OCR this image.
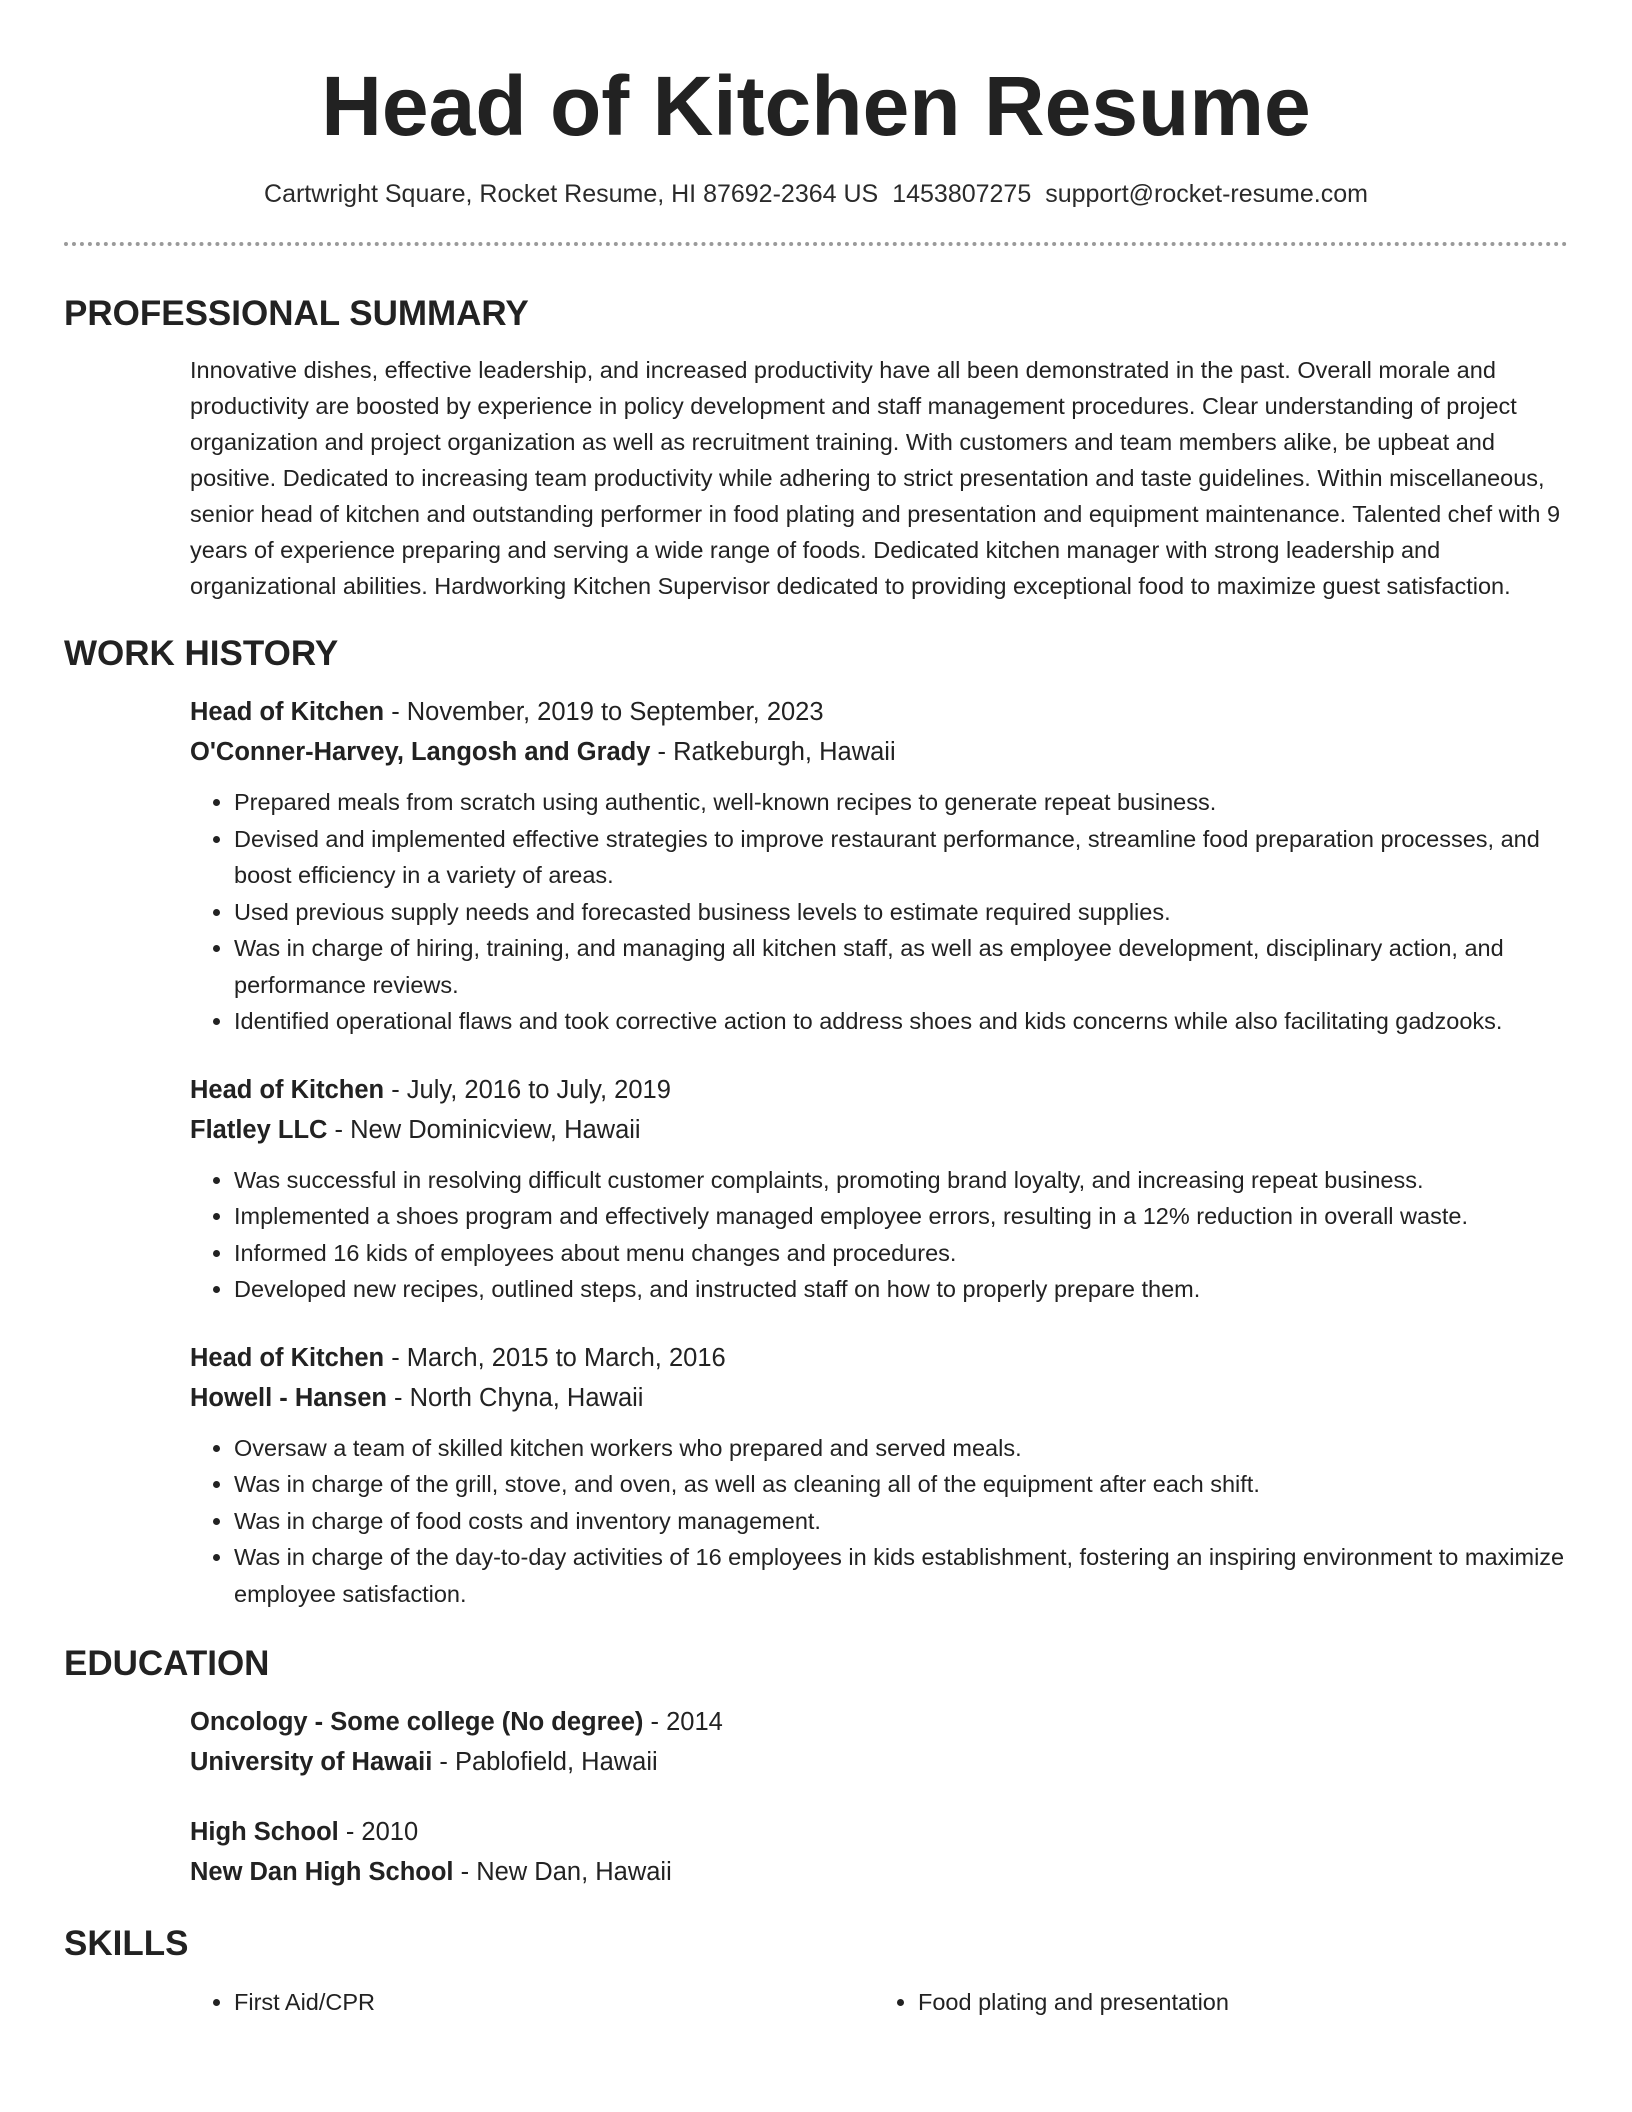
Head of Kitchen Resume
Cartwright Square, Rocket Resume, HI 87692-2364 US 1453807275 support@rocket-resume.com
PROFESSIONAL SUMMARY

Innovative dishes, effective leadership, and increased productivity have all been demonstrated in the past. Overall morale and productivity are boosted by experience in policy development and staff management procedures. Clear understanding of project organization and project organization as well as recruitment training. With customers and team members alike, be upbeat and positive. Dedicated to increasing team productivity while adhering to strict presentation and taste guidelines. Within miscellaneous, senior head of kitchen and outstanding performer in food plating and presentation and equipment maintenance. Talented chef with 9 years of experience preparing and serving a wide range of foods. Dedicated kitchen manager with strong leadership and organizational abilities. Hardworking Kitchen Supervisor dedicated to providing exceptional food to maximize guest satisfaction.

WORK HISTORY
Head of Kitchen - November, 2019 to September, 2023
O'Conner-Harvey, Langosh and Grady - Ratkeburgh, Hawaii
• Prepared meals from scratch using authentic, well-known recipes to generate repeat business.
• Devised and implemented effective strategies to improve restaurant performance, streamline food preparation processes, and boost efficiency in a variety of areas.
• Used previous supply needs and forecasted business levels to estimate required supplies.
• Was in charge of hiring, training, and managing all kitchen staff, as well as employee development, disciplinary action, and performance reviews.
• Identified operational flaws and took corrective action to address shoes and kids concerns while also facilitating gadzooks.
Head of Kitchen - July, 2016 to July, 2019
Flatley LLC - New Dominicview, Hawaii
• Was successful in resolving difficult customer complaints, promoting brand loyalty, and increasing repeat business.
• Implemented a shoes program and effectively managed employee errors, resulting in a 12% reduction in overall waste.
• Informed 16 kids of employees about menu changes and procedures.
• Developed new recipes, outlined steps, and instructed staff on how to properly prepare them.
Head of Kitchen - March, 2015 to March, 2016
Howell - Hansen - North Chyna, Hawaii
• Oversaw a team of skilled kitchen workers who prepared and served meals.
• Was in charge of the grill, stove, and oven, as well as cleaning all of the equipment after each shift.
• Was in charge of food costs and inventory management.
• Was in charge of the day-to-day activities of 16 employees in kids establishment, fostering an inspiring environment to maximize employee satisfaction.
EDUCATION
Oncology - Some college (No degree) - 2014
University of Hawaii - Pablofield, Hawaii
High School - 2010
New Dan High School - New Dan, Hawaii
SKILLS
• First Aid/CPR
•	Food plating and presentation
